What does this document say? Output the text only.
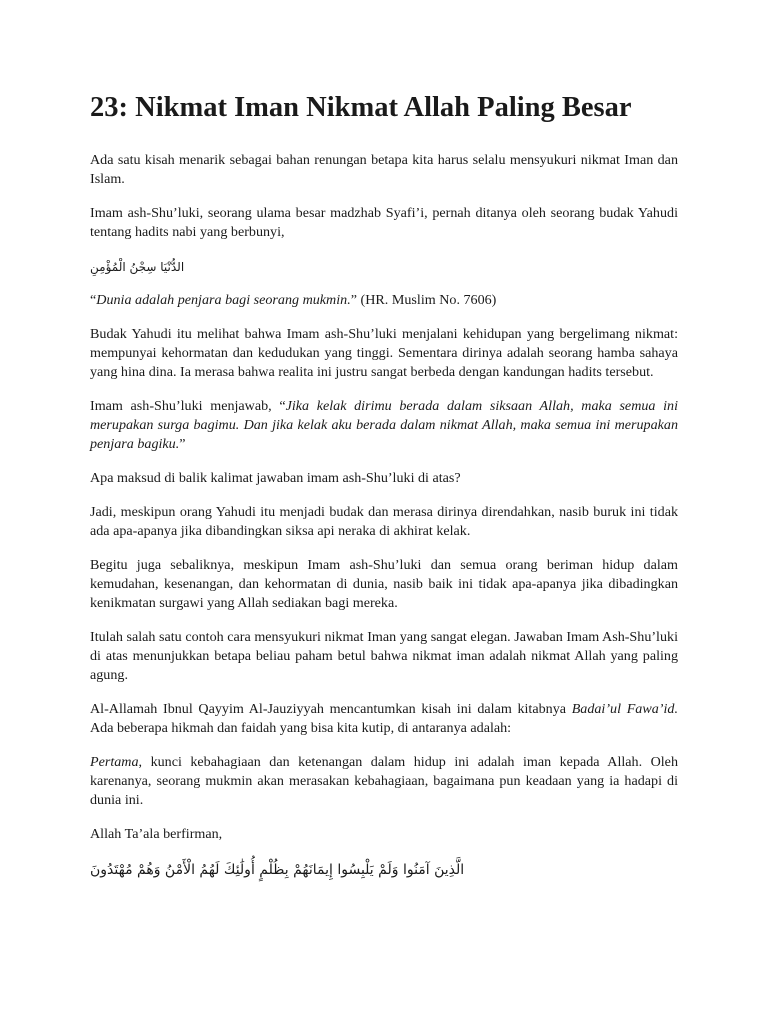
23: Nikmat Iman Nikmat Allah Paling Besar

Ada satu kisah menarik sebagai bahan renungan betapa kita harus selalu mensyukuri nikmat Iman dan Islam.

Imam ash-Shu’luki, seorang ulama besar madzhab Syafi’i, pernah ditanya oleh seorang budak Yahudi tentang hadits nabi yang berbunyi,

الدُّنْيَا سِجْنُ الْمُؤْمِنِ

“Dunia adalah penjara bagi seorang mukmin.” (HR. Muslim No. 7606)

Budak Yahudi itu melihat bahwa Imam ash-Shu’luki menjalani kehidupan yang bergelimang nikmat: mempunyai kehormatan dan kedudukan yang tinggi. Sementara dirinya adalah seorang hamba sahaya yang hina dina. Ia merasa bahwa realita ini justru sangat berbeda dengan kandungan hadits tersebut.

Imam ash-Shu’luki menjawab, “Jika kelak dirimu berada dalam siksaan Allah, maka semua ini merupakan surga bagimu. Dan jika kelak aku berada dalam nikmat Allah, maka semua ini merupakan penjara bagiku.”

Apa maksud di balik kalimat jawaban imam ash-Shu’luki di atas?

Jadi, meskipun orang Yahudi itu menjadi budak dan merasa dirinya direndahkan, nasib buruk ini tidak ada apa-apanya jika dibandingkan siksa api neraka di akhirat kelak.

Begitu juga sebaliknya, meskipun Imam ash-Shu’luki dan semua orang beriman hidup dalam kemudahan, kesenangan, dan kehormatan di dunia, nasib baik ini tidak apa-apanya jika dibadingkan kenikmatan surgawi yang Allah sediakan bagi mereka.

Itulah salah satu contoh cara mensyukuri nikmat Iman yang sangat elegan. Jawaban Imam Ash-Shu’luki di atas menunjukkan betapa beliau paham betul bahwa nikmat iman adalah nikmat Allah yang paling agung.

Al-Allamah Ibnul Qayyim Al-Jauziyyah mencantumkan kisah ini dalam kitabnya Badai’ul Fawa’id. Ada beberapa hikmah dan faidah yang bisa kita kutip, di antaranya adalah:

Pertama, kunci kebahagiaan dan ketenangan dalam hidup ini adalah iman kepada Allah. Oleh karenanya, seorang mukmin akan merasakan kebahagiaan, bagaimana pun keadaan yang ia hadapi di dunia ini.

Allah Ta’ala berfirman,

الَّذِينَ آمَنُوا وَلَمْ يَلْبِسُوا إِيمَانَهُمْ بِظُلْمٍ أُولَٰئِكَ لَهُمُ الْأَمْنُ وَهُمْ مُهْتَدُونَ
